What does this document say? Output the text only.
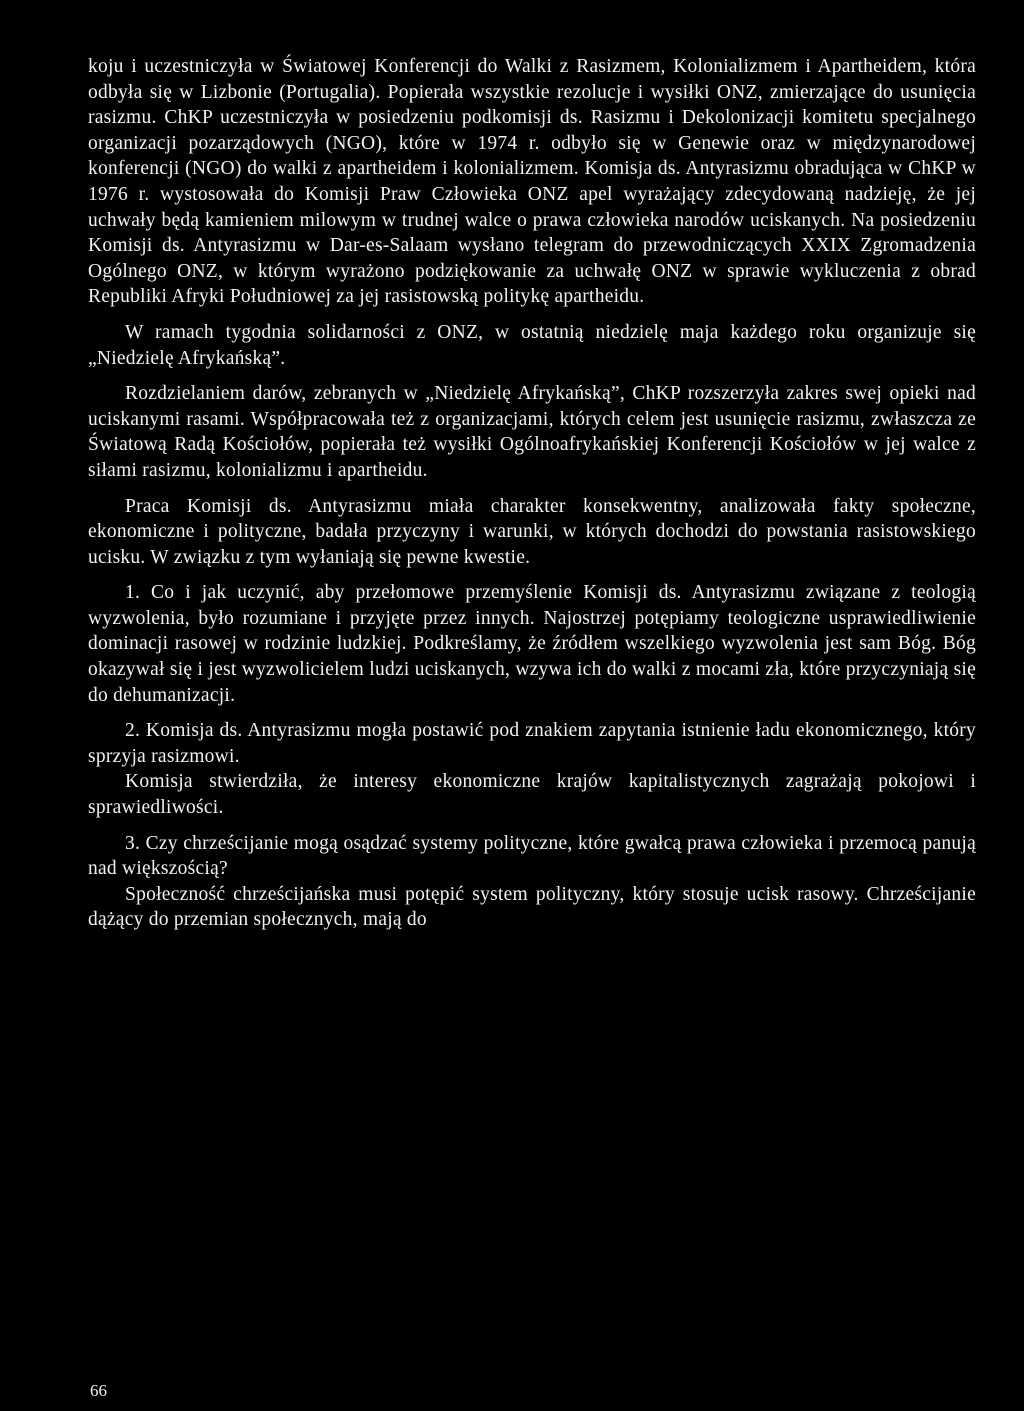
koju i uczestniczyła w Światowej Konferencji do Walki z Rasizmem, Kolonializmem i Apartheidem, która odbyła się w Lizbonie (Portugalia). Popierała wszystkie rezolucje i wysiłki ONZ, zmierzające do usunięcia rasizmu. ChKP uczestniczyła w posiedzeniu podkomisji ds. Rasizmu i Dekolonizacji komitetu specjalnego organizacji pozarządowych (NGO), które w 1974 r. odbyło się w Genewie oraz w międzynarodowej konferencji (NGO) do walki z apartheidem i kolonializmem. Komisja ds. Antyrasizmu obradująca w ChKP w 1976 r. wystosowała do Komisji Praw Człowieka ONZ apel wyrażający zdecydowaną nadzieję, że jej uchwały będą kamieniem milowym w trudnej walce o prawa człowieka narodów uciskanych. Na posiedzeniu Komisji ds. Antyrasizmu w Dar-es-Salaam wysłano telegram do przewodniczących XXIX Zgromadzenia Ogólnego ONZ, w którym wyrażono podziękowanie za uchwałę ONZ w sprawie wykluczenia z obrad Republiki Afryki Południowej za jej rasistowską politykę apartheidu.

W ramach tygodnia solidarności z ONZ, w ostatnią niedzielę maja każdego roku organizuje się „Niedzielę Afrykańską”.

Rozdzielaniem darów, zebranych w „Niedzielę Afrykańską”, ChKP rozszerzyła zakres swej opieki nad uciskanymi rasami. Współpracowała też z organizacjami, których celem jest usunięcie rasizmu, zwłaszcza ze Światową Radą Kościołów, popierała też wysiłki Ogólnoafrykańskiej Konferencji Kościołów w jej walce z siłami rasizmu, kolonializmu i apartheidu.

Praca Komisji ds. Antyrasizmu miała charakter konsekwentny, analizowała fakty społeczne, ekonomiczne i polityczne, badała przyczyny i warunki, w których dochodzi do powstania rasistowskiego ucisku. W związku z tym wyłaniają się pewne kwestie.

1. Co i jak uczynić, aby przełomowe przemyślenie Komisji ds. Antyrasizmu związane z teologią wyzwolenia, było rozumiane i przyjęte przez innych. Najostrzej potępiamy teologiczne usprawiedliwienie dominacji rasowej w rodzinie ludzkiej. Podkreślamy, że źródłem wszelkiego wyzwolenia jest sam Bóg. Bóg okazywał się i jest wyzwolicielem ludzi uciskanych, wzywa ich do walki z mocami zła, które przyczyniają się do dehumanizacji.

2. Komisja ds. Antyrasizmu mogła postawić pod znakiem zapytania istnienie ładu ekonomicznego, który sprzyja rasizmowi.

Komisja stwierdziła, że interesy ekonomiczne krajów kapitalistycznych zagrażają pokojowi i sprawiedliwości.

3. Czy chrześcijanie mogą osądzać systemy polityczne, które gwałcą prawa człowieka i przemocą panują nad większością?

Społeczność chrześcijańska musi potępić system polityczny, który stosuje ucisk rasowy. Chrześcijanie dążący do przemian społecznych, mają do

66
